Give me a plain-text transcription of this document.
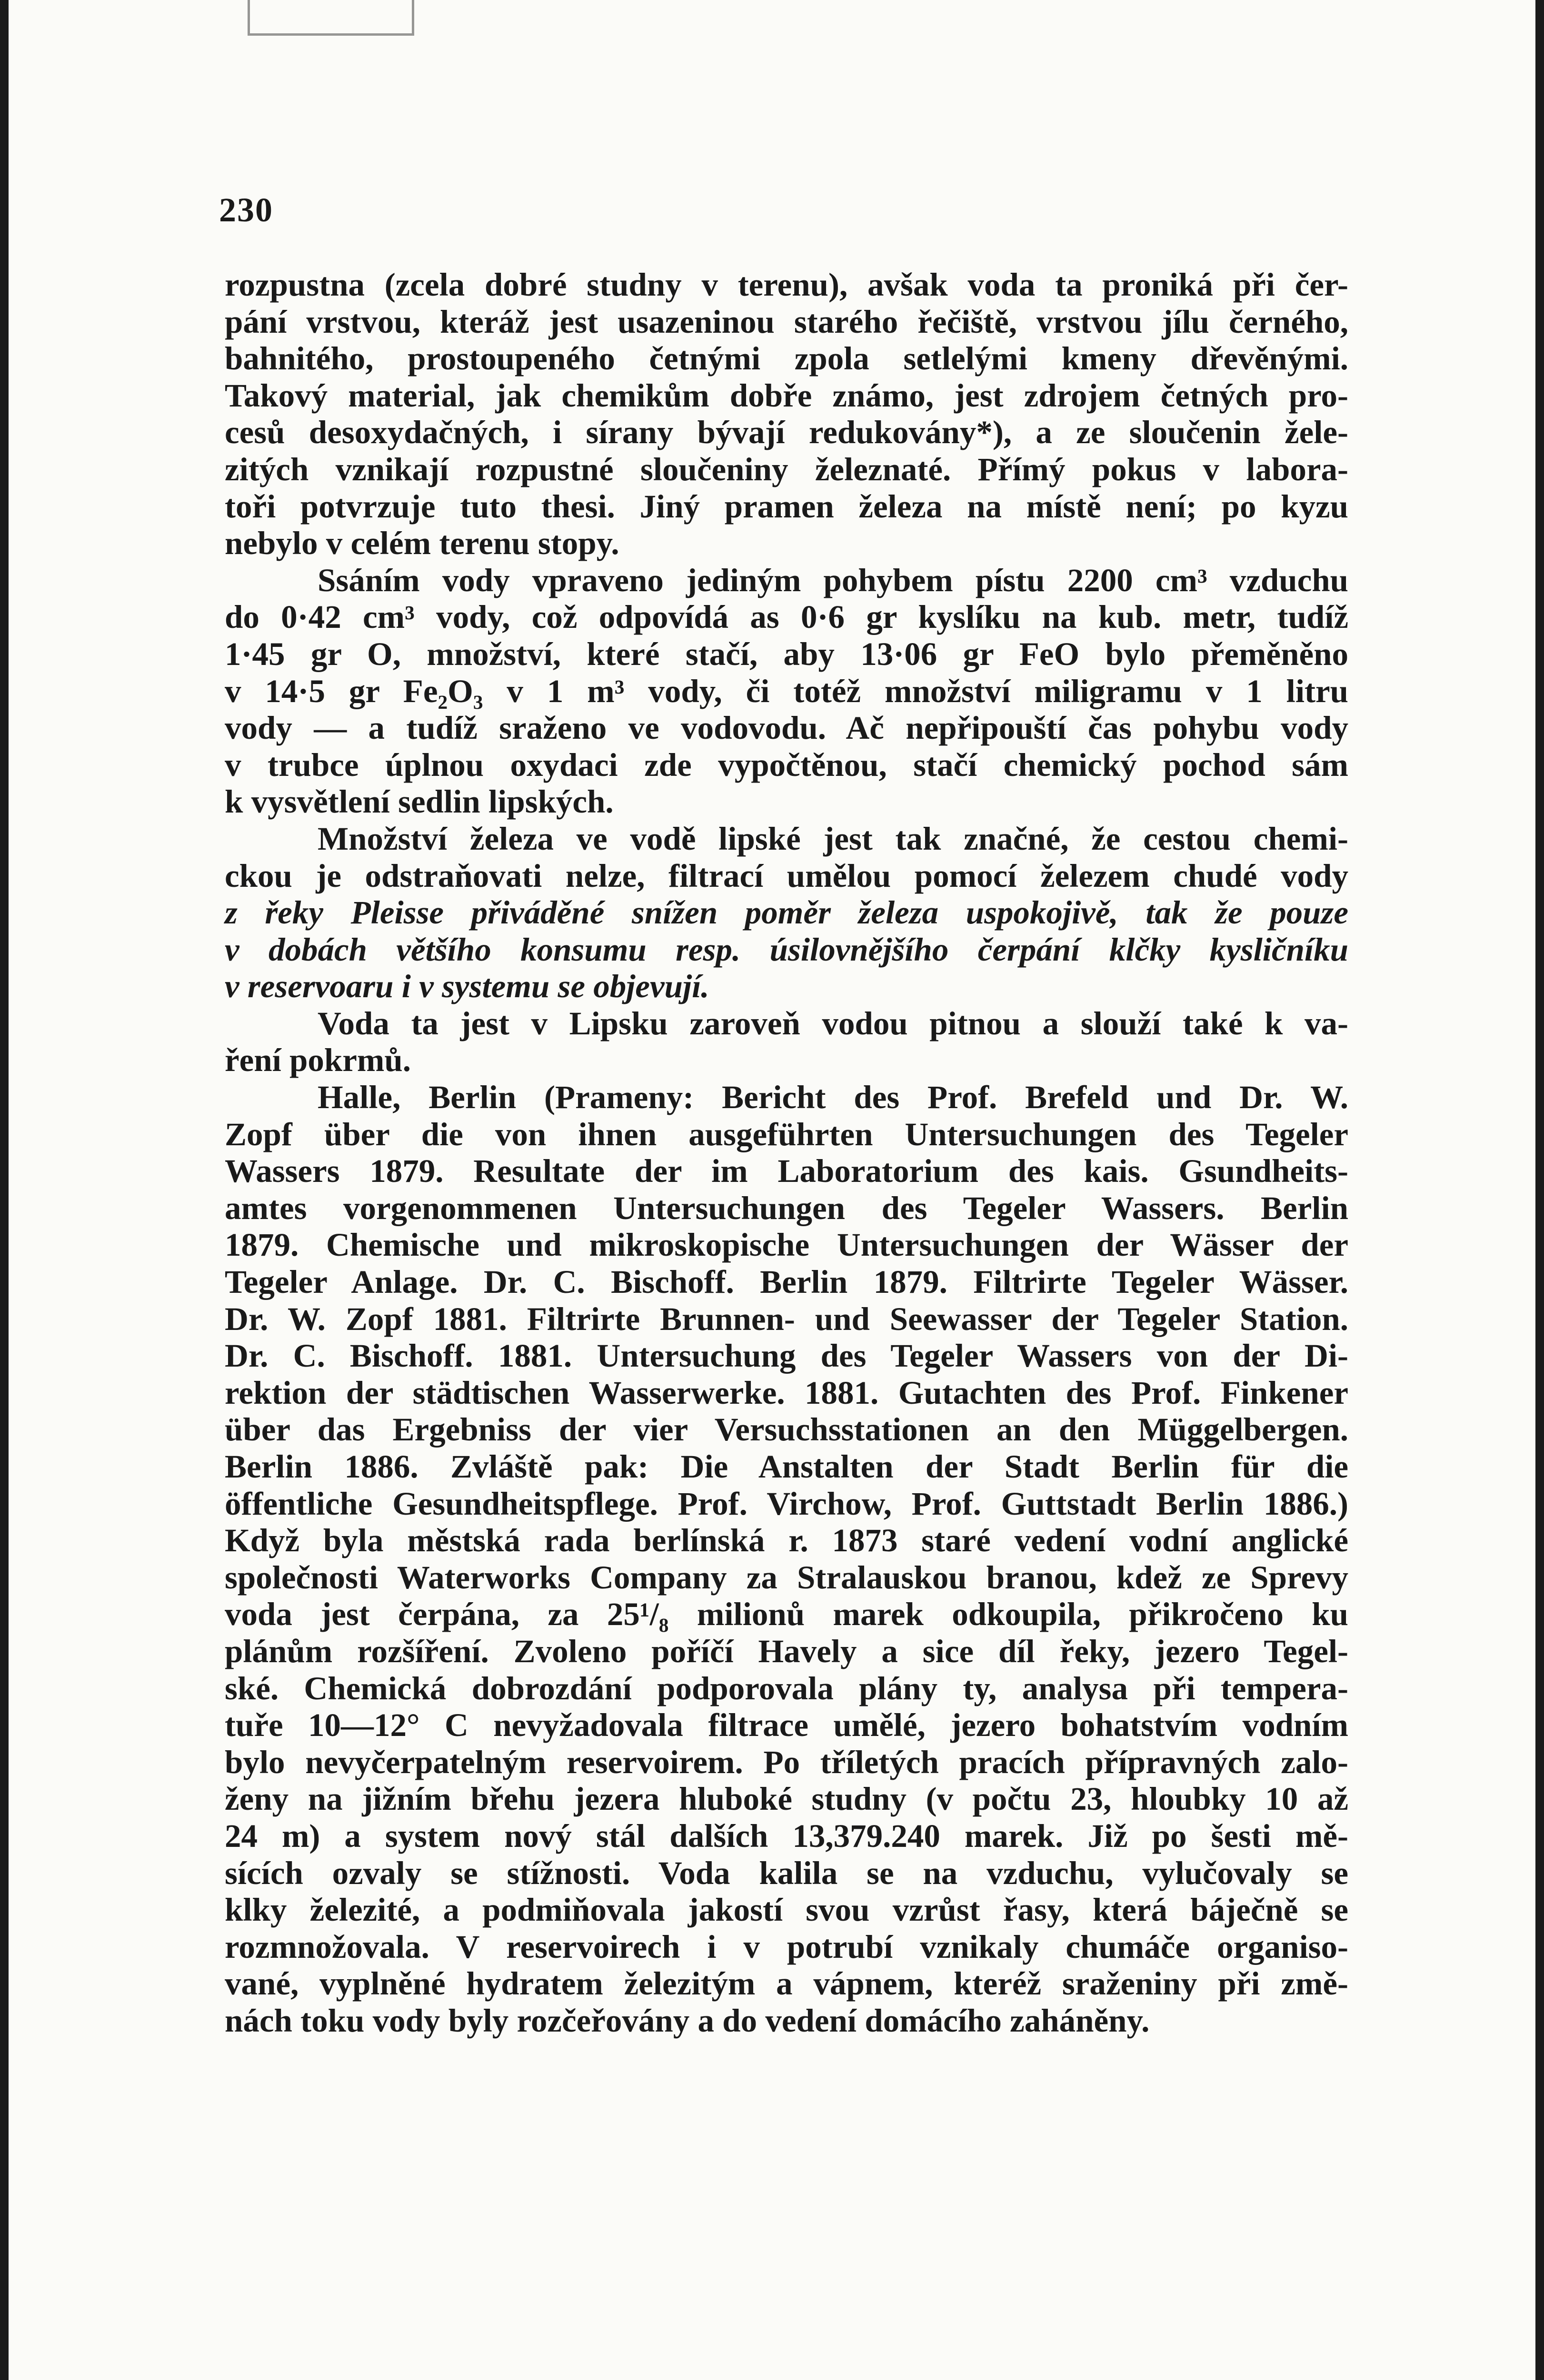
230
rozpustna (zcela dobré studny v terenu), avšak voda ta proniká při čer-
pání vrstvou, kteráž jest usazeninou starého řečiště, vrstvou jílu černého,
bahnitého, prostoupeného četnými zpola setlelými kmeny dřevěnými.
Takový material, jak chemikům dobře známo, jest zdrojem četných pro-
cesů desoxydačných, i sírany bývají redukovány*), a ze sloučenin žele-
zitých vznikají rozpustné sloučeniny železnaté. Přímý pokus v labora-
toři potvrzuje tuto thesi. Jiný pramen železa na místě není; po kyzu
nebylo v celém terenu stopy.
Ssáním vody vpraveno jediným pohybem pístu 2200 cm³ vzduchu
do 0·42 cm³ vody, což odpovídá as 0·6 gr kyslíku na kub. metr, tudíž
1·45 gr O, množství, které stačí, aby 13·06 gr FeO bylo přeměněno
v 14·5 gr Fe₂O₃ v 1 m³ vody, či totéž množství miligramu v 1 litru
vody — a tudíž sraženo ve vodovodu. Ač nepřipouští čas pohybu vody
v trubce úplnou oxydaci zde vypočtěnou, stačí chemický pochod sám
k vysvětlení sedlin lipských.
Množství železa ve vodě lipské jest tak značné, že cestou chemi-
ckou je odstraňovati nelze, filtrací umělou pomocí železem chudé vody
z řeky Pleisse přiváděné snížen poměr železa uspokojivě, tak že pouze
v dobách většího konsumu resp. úsilovnějšího čerpání klčky kysličníku
v reservoaru i v systemu se objevují.
Voda ta jest v Lipsku zaroveň vodou pitnou a slouží také k va-
ření pokrmů.
Halle, Berlin (Prameny: Bericht des Prof. Brefeld und Dr. W.
Zopf über die von ihnen ausgeführten Untersuchungen des Tegeler
Wassers 1879. Resultate der im Laboratorium des kais. Gsundheits-
amtes vorgenommenen Untersuchungen des Tegeler Wassers. Berlin
1879. Chemische und mikroskopische Untersuchungen der Wässer der
Tegeler Anlage. Dr. C. Bischoff. Berlin 1879. Filtrirte Tegeler Wässer.
Dr. W. Zopf 1881. Filtrirte Brunnen- und Seewasser der Tegeler Station.
Dr. C. Bischoff. 1881. Untersuchung des Tegeler Wassers von der Di-
rektion der städtischen Wasserwerke. 1881. Gutachten des Prof. Finkener
über das Ergebniss der vier Versuchsstationen an den Müggelbergen.
Berlin 1886. Zvláště pak: Die Anstalten der Stadt Berlin für die
öffentliche Gesundheitspflege. Prof. Virchow, Prof. Guttstadt Berlin 1886.)
Když byla městská rada berlínská r. 1873 staré vedení vodní anglické
společnosti Waterworks Company za Stralauskou branou, kdež ze Sprevy
voda jest čerpána, za 25¹/₈ milionů marek odkoupila, přikročeno ku
plánům rozšíření. Zvoleno poříčí Havely a sice díl řeky, jezero Tegel-
ské. Chemická dobrozdání podporovala plány ty, analysa při tempera-
tuře 10—12° C nevyžadovala filtrace umělé, jezero bohatstvím vodním
bylo nevyčerpatelným reservoirem. Po tříletých pracích přípravných zalo-
ženy na jižním břehu jezera hluboké studny (v počtu 23, hloubky 10 až
24 m) a system nový stál dalších 13,379.240 marek. Již po šesti mě-
sících ozvaly se stížnosti. Voda kalila se na vzduchu, vylučovaly se
klky železité, a podmiňovala jakostí svou vzrůst řasy, která báječně se
rozmnožovala. V reservoirech i v potrubí vznikaly chumáče organiso-
vané, vyplněné hydratem železitým a vápnem, kteréž sraženiny při změ-
nách toku vody byly rozčeřovány a do vedení domácího zaháněny.
